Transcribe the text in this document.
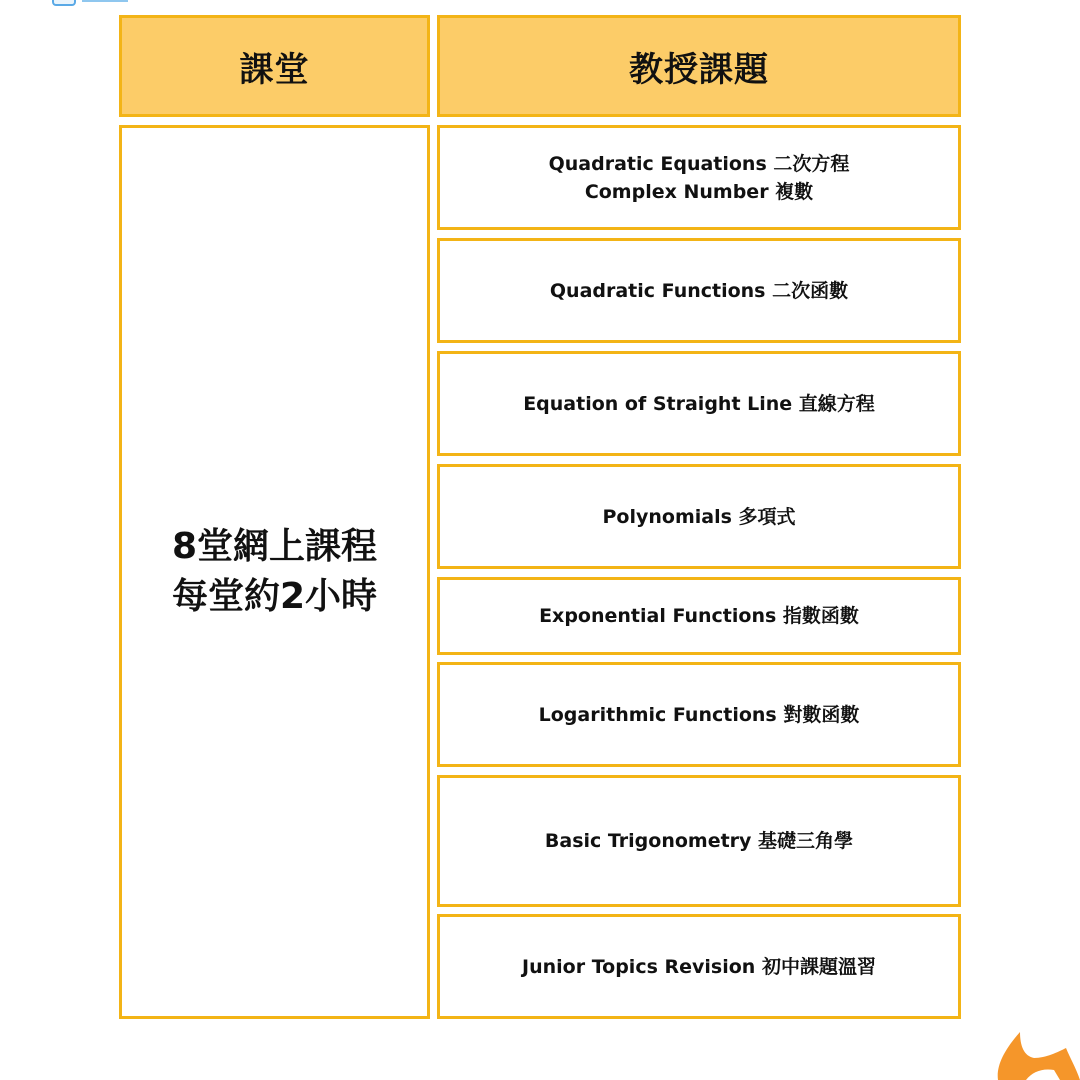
課堂	教授課題
8堂網上課程
每堂約2小時
Quadratic Equations 二次方程
Complex Number 複數
Quadratic Functions 二次函數
Equation of Straight Line 直線方程
Polynomials 多項式
Exponential Functions 指數函數
Logarithmic Functions 對數函數
Basic Trigonometry 基礎三角學
Junior Topics Revision 初中課題溫習
